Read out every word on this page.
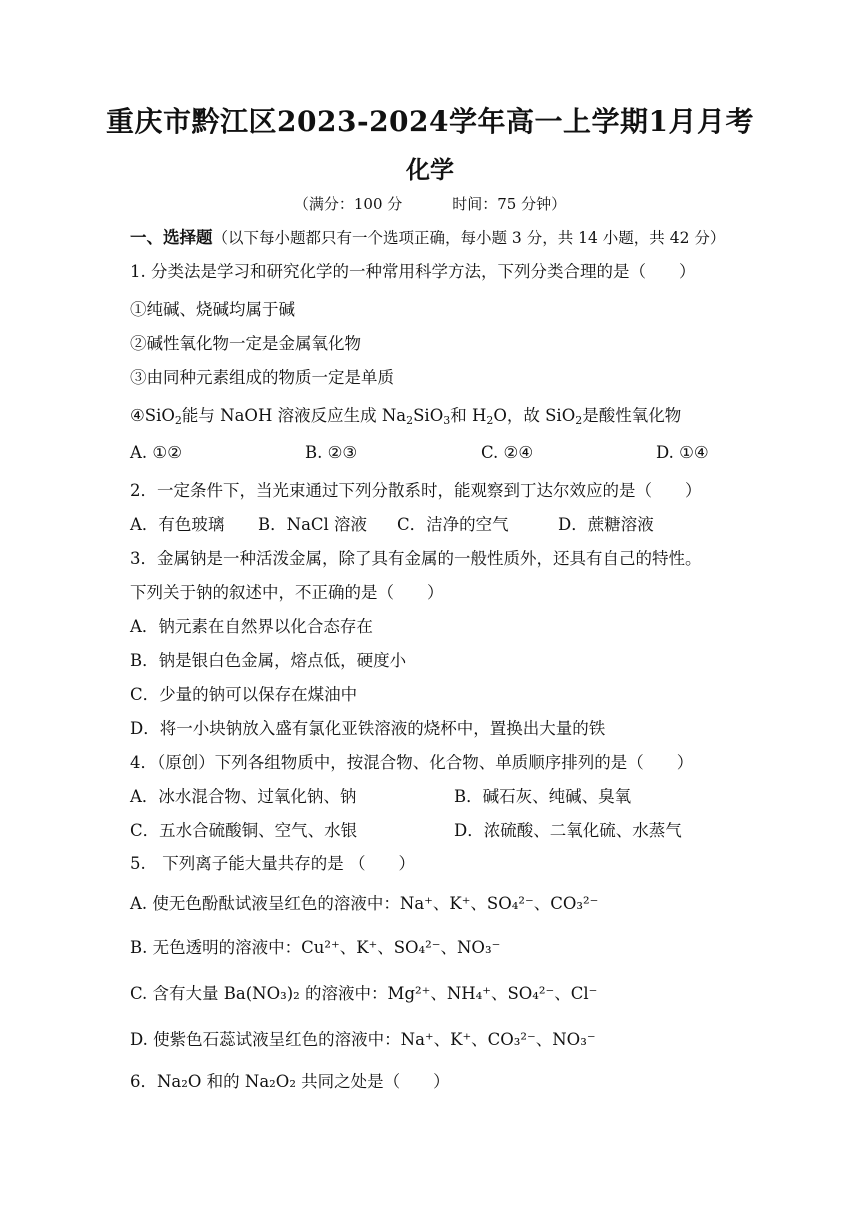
重庆市黔江区2023-2024学年高一上学期1月月考
化学
（满分：100 分	时间：75 分钟）
一、选择题（以下每小题都只有一个选项正确，每小题 3 分，共 14 小题，共 42 分）
1. 分类法是学习和研究化学的一种常用科学方法，下列分类合理的是（　　）
①纯碱、烧碱均属于碱
②碱性氧化物一定是金属氧化物
③由同种元素组成的物质一定是单质
④SiO$_2$能与 NaOH 溶液反应生成 $Na_2SiO_3$和 $H_2O$，故 SiO$_2$是酸性氧化物
A. ①②	B. ②③	C. ②④	D. ①④
2．一定条件下，当光束通过下列分散系时，能观察到丁达尔效应的是（　　）
A．有色玻璃 B．NaCl 溶液 C．洁净的空气	D．蔗糖溶液
3．金属钠是一种活泼金属，除了具有金属的一般性质外，还具有自己的特性。
下列关于钠的叙述中，不正确的是（　　）
A．钠元素在自然界以化合态存在
B．钠是银白色金属，熔点低，硬度小
C．少量的钠可以保存在煤油中
D．将一小块钠放入盛有氯化亚铁溶液的烧杯中，置换出大量的铁
4．（原创）下列各组物质中，按混合物、化合物、单质顺序排列的是（　　）
A．冰水混合物、过氧化钠、钠	B．碱石灰、纯碱、臭氧
C．五水合硫酸铜、空气、水银	D．浓硫酸、二氧化硫、水蒸气
5.　下列离子能大量共存的是 （　　）
A. 使无色酚酞试液呈红色的溶液中：Na⁺、K⁺、SO₄²⁻、CO₃²⁻
B. 无色透明的溶液中：Cu²⁺、K⁺、SO₄²⁻、NO₃⁻
C. 含有大量 Ba(NO₃)₂ 的溶液中：Mg²⁺、NH₄⁺、SO₄²⁻、Cl⁻
D. 使紫色石蕊试液呈红色的溶液中：Na⁺、K⁺、CO₃²⁻、NO₃⁻
6．Na₂O 和的 Na₂O₂ 共同之处是（　　）
